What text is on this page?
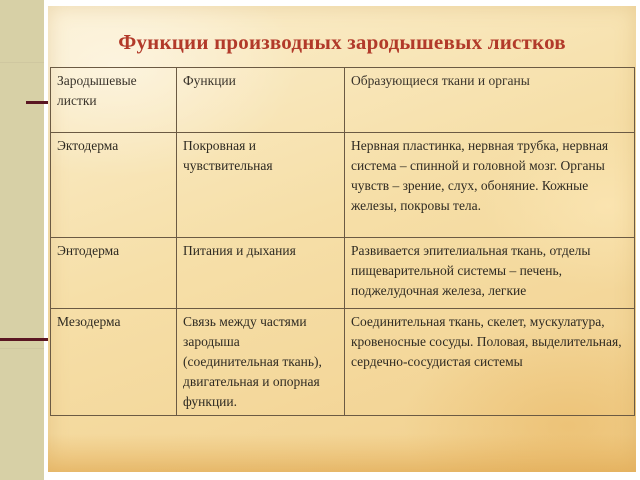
Функции производных зародышевых листков
Зародышевые листки	Функции	Образующиеся ткани и органы
Эктодерма	Покровная и чувствительная	Нервная пластинка, нервная трубка, нервная система – спинной и головной мозг. Органы чувств – зрение, слух, обоняние. Кожные железы, покровы тела.
Энтодерма	Питания и дыхания	Развивается эпителиальная ткань, отделы пищеварительной системы – печень, поджелудочная железа, легкие
Мезодерма	Связь между частями зародыша (соединительная ткань), двигательная и опорная функции.	Соединительная ткань, скелет, мускулатура, кровеносные сосуды. Половая, выделительная, сердечно-сосудистая системы
